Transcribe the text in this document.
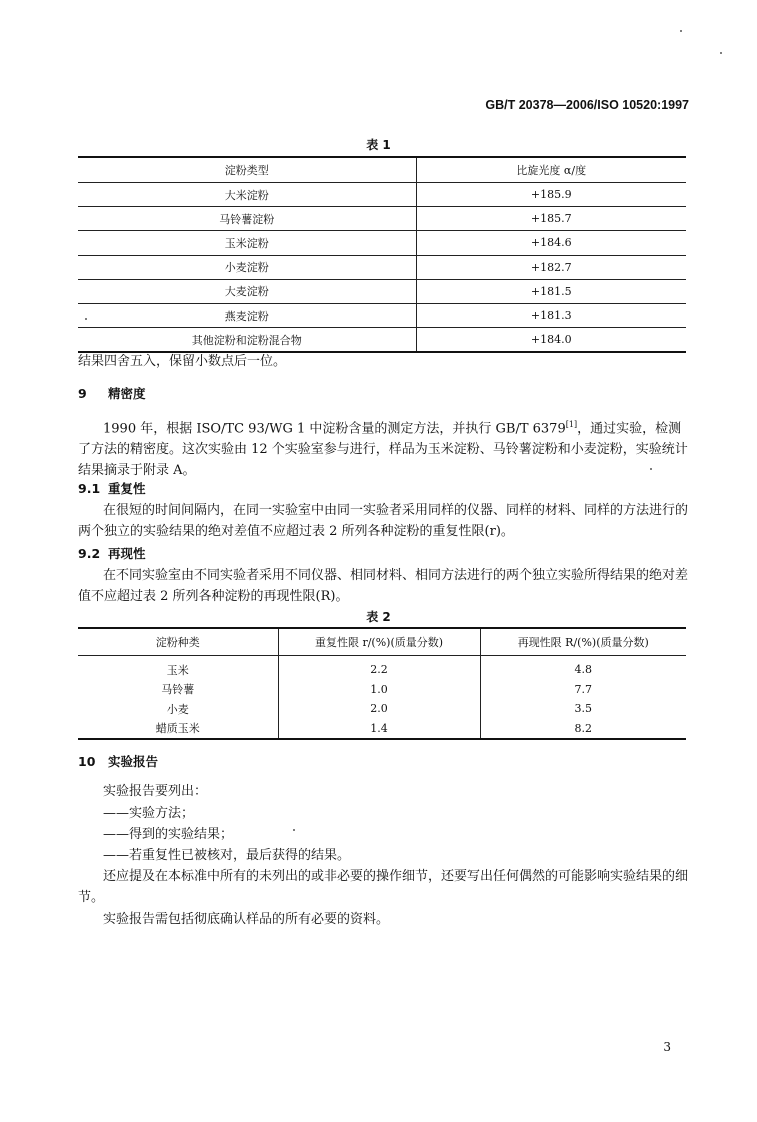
GB/T 20378—2006/ISO 10520:1997
表 1
淀粉类型	比旋光度 α/度
大米淀粉	+185.9
马铃薯淀粉	+185.7
玉米淀粉	+184.6
小麦淀粉	+182.7
大麦淀粉	+181.5
燕麦淀粉	+181.3
其他淀粉和淀粉混合物	+184.0

结果四舍五入，保留小数点后一位。

9 精密度

1990 年，根据 ISO/TC 93/WG 1 中淀粉含量的测定方法，并执行 GB/T 6379[1]，通过实验，检测了方法的精密度。这次实验由 12 个实验室参与进行，样品为玉米淀粉、马铃薯淀粉和小麦淀粉，实验统计结果摘录于附录 A。

9.1 重复性

在很短的时间间隔内，在同一实验室中由同一实验者采用同样的仪器、同样的材料、同样的方法进行的两个独立的实验结果的绝对差值不应超过表 2 所列各种淀粉的重复性限(r)。

9.2 再现性

在不同实验室由不同实验者采用不同仪器、相同材料、相同方法进行的两个独立实验所得结果的绝对差值不应超过表 2 所列各种淀粉的再现性限(R)。

表 2
淀粉种类	重复性限 r/(%)(质量分数)	再现性限 R/(%)(质量分数)
玉米	2.2	4.8
马铃薯	1.0	7.7
小麦	2.0	3.5
蜡质玉米	1.4	8.2
10 实验报告

实验报告要列出：

——实验方法；

——得到的实验结果；

——若重复性已被核对，最后获得的结果。

还应提及在本标准中所有的未列出的或非必要的操作细节，还要写出任何偶然的可能影响实验结果的细节。

实验报告需包括彻底确认样品的所有必要的资料。

3
